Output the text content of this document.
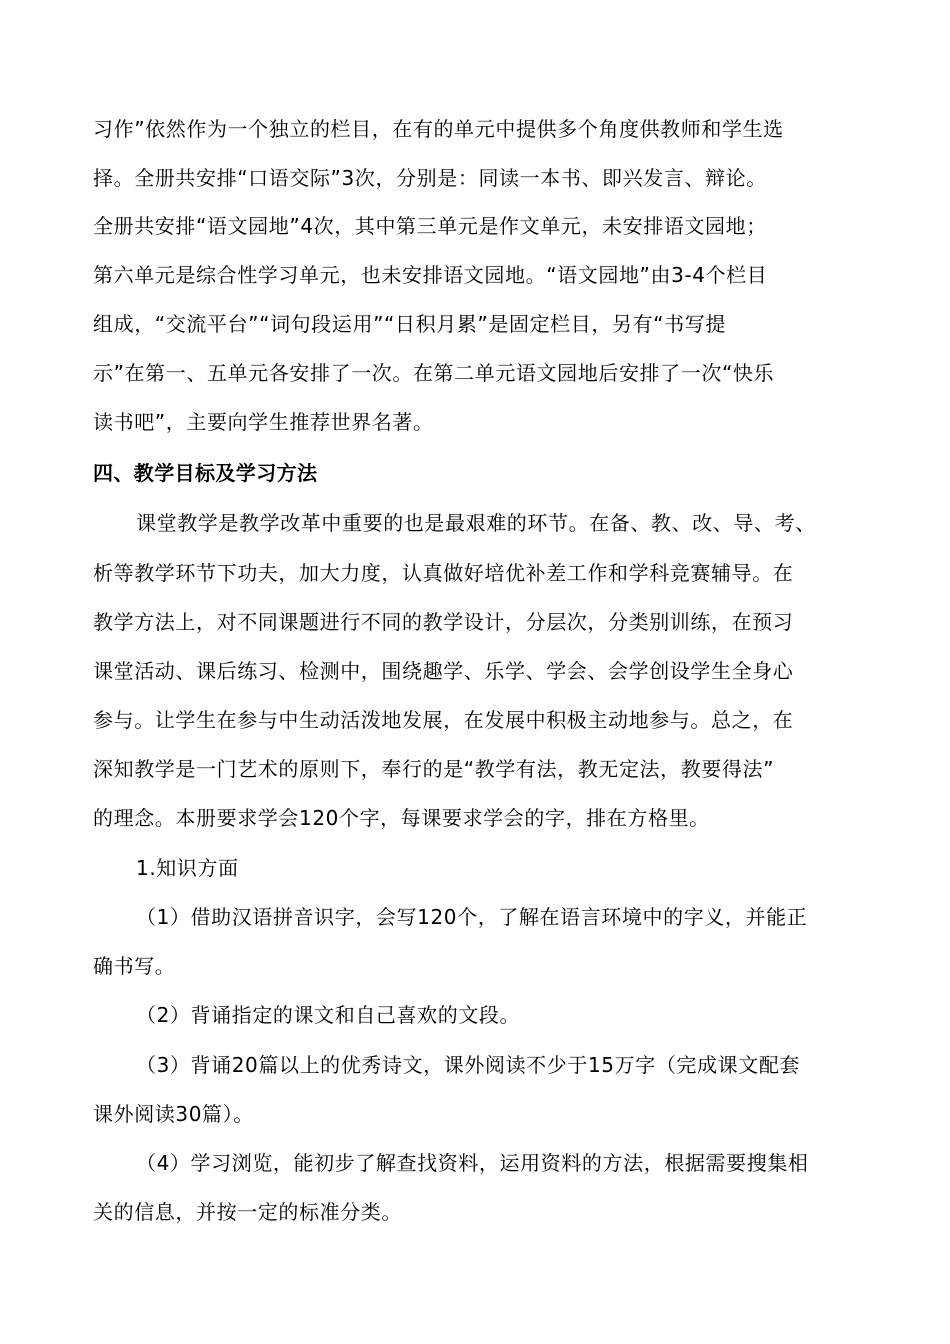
习作”依然作为一个独立的栏目，在有的单元中提供多个角度供教师和学生选
择。全册共安排“口语交际”3次，分别是：同读一本书、即兴发言、辩论。
全册共安排“语文园地”4次，其中第三单元是作文单元，未安排语文园地；
第六单元是综合性学习单元，也未安排语文园地。“语文园地”由3-4个栏目
组成，“交流平台”“词句段运用”“日积月累”是固定栏目，另有“书写提
示”在第一、五单元各安排了一次。在第二单元语文园地后安排了一次“快乐
读书吧”，主要向学生推荐世界名著。
四、教学目标及学习方法
课堂教学是教学改革中重要的也是最艰难的环节。在备、教、改、导、考、
析等教学环节下功夫，加大力度，认真做好培优补差工作和学科竞赛辅导。在
教学方法上，对不同课题进行不同的教学设计，分层次，分类别训练，在预习
课堂活动、课后练习、检测中，围绕趣学、乐学、学会、会学创设学生全身心
参与。让学生在参与中生动活泼地发展，在发展中积极主动地参与。总之，在
深知教学是一门艺术的原则下，奉行的是“教学有法，教无定法，教要得法”
的理念。本册要求学会120个字，每课要求学会的字，排在方格里。
1.知识方面
（1）借助汉语拼音识字，会写120个，了解在语言环境中的字义，并能正
确书写。
（2）背诵指定的课文和自己喜欢的文段。
（3）背诵20篇以上的优秀诗文，课外阅读不少于15万字（完成课文配套
课外阅读30篇）。
（4）学习浏览，能初步了解查找资料，运用资料的方法，根据需要搜集相
关的信息，并按一定的标准分类。
